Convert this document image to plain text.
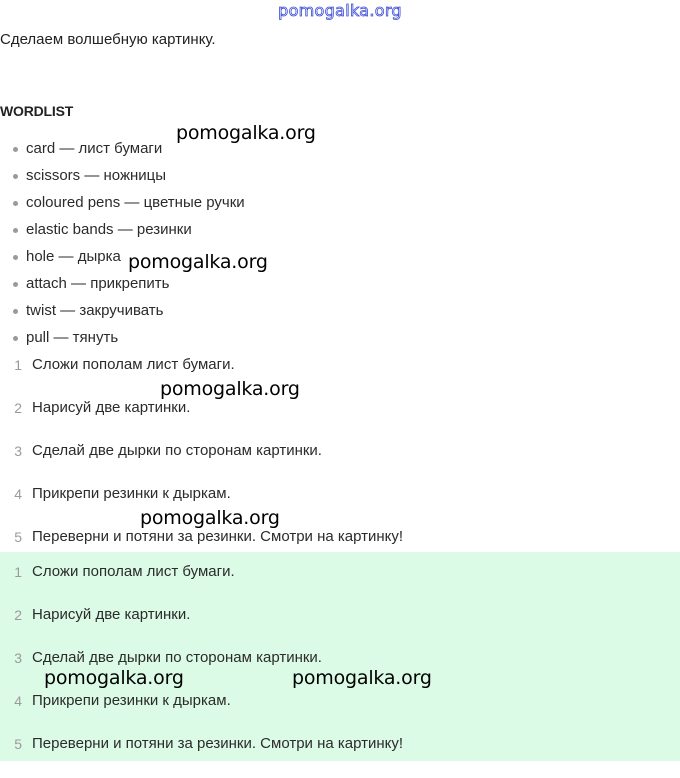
pomogalka.org
Сделаем волшебную картинку.
WORDLIST
card — лист бумаги
scissors — ножницы
coloured pens — цветные ручки
elastic bands — резинки
hole — дырка
attach — прикрепить
twist — закручивать
pull — тянуть
1 Сложи пополам лист бумаги.
2 Нарисуй две картинки.
3 Сделай две дырки по сторонам картинки.
4 Прикрепи резинки к дыркам.
5 Переверни и потяни за резинки. Смотри на картинку!
1 Сложи пополам лист бумаги.
2 Нарисуй две картинки.
3 Сделай две дырки по сторонам картинки.
4 Прикрепи резинки к дыркам.
5 Переверни и потяни за резинки. Смотри на картинку!
pomogalka.org
pomogalka.org
pomogalka.org
pomogalka.org
pomogalka.org	pomogalka.org
